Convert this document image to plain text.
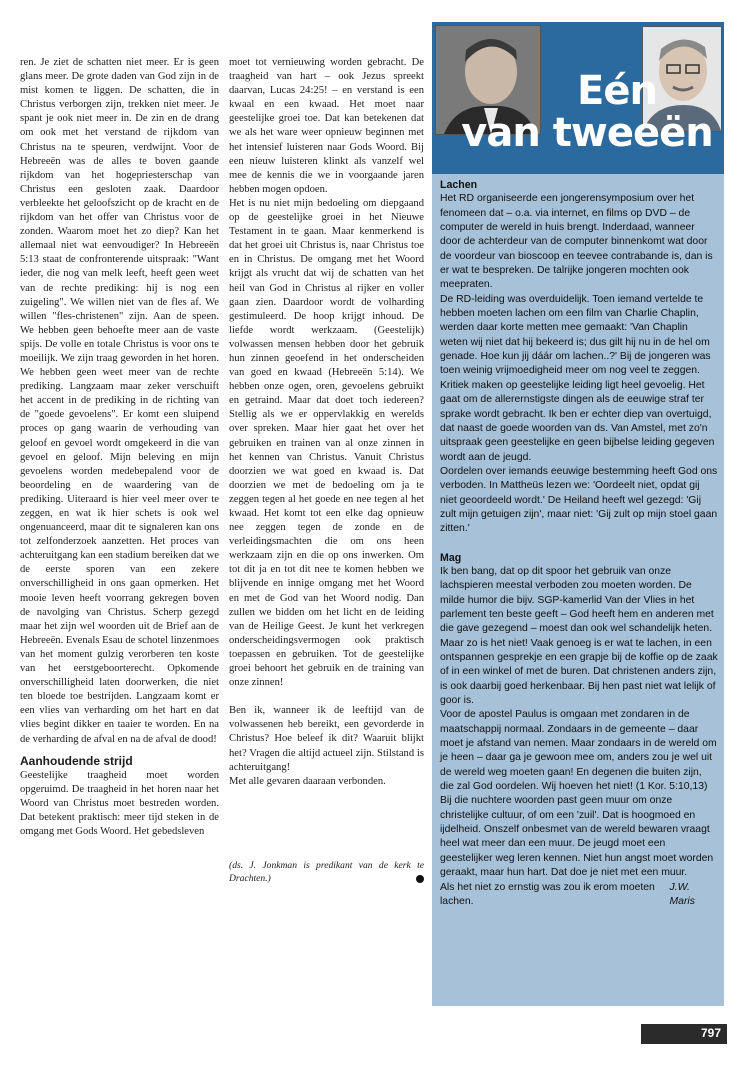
ren. Je ziet de schatten niet meer. Er is geen glans meer. De grote daden van God zijn in de mist komen te liggen. De schatten, die in Christus verborgen zijn, trekken niet meer. Je spant je ook niet meer in. De zin en de drang om ook met het verstand de rijkdom van Christus na te speuren, verdwijnt. Voor de Hebreeën was de alles te boven gaande rijkdom van het hogepriesterschap van Christus een gesloten zaak. Daardoor verbleekte het geloofszicht op de kracht en de rijkdom van het offer van Christus voor de zonden. Waarom moet het zo diep? Kan het allemaal niet wat eenvoudiger? In Hebreeën 5:13 staat de confronterende uitspraak: "Want ieder, die nog van melk leeft, heeft geen weet van de rechte prediking: hij is nog een zuigeling". We willen niet van de fles af. We willen "fles-christenen" zijn. Aan de speen. We hebben geen behoefte meer aan de vaste spijs. De volle en totale Christus is voor ons te moeilijk. We zijn traag geworden in het horen. We hebben geen weet meer van de rechte prediking. Langzaam maar zeker verschuift het accent in de prediking in de richting van de "goede gevoelens". Er komt een sluipend proces op gang waarin de verhouding van geloof en gevoel wordt omgekeerd in die van gevoel en geloof. Mijn beleving en mijn gevoelens worden medebepalend voor de beoordeling en de waardering van de prediking. Uiteraard is hier veel meer over te zeggen, en wat ik hier schets is ook wel ongenuanceerd, maar dit te signaleren kan ons tot zelfonderzoek aanzetten. Het proces van achteruitgang kan een stadium bereiken dat we de eerste sporen van een zekere onverschilligheid in ons gaan opmerken. Het mooie leven heeft voorrang gekregen boven de navolging van Christus. Scherp gezegd maar het zijn wel woorden uit de Brief aan de Hebreeën. Evenals Esau de schotel linzenmoes van het moment gulzig verorberen ten koste van het eerstgeboorterecht. Opkomende onverschilligheid laten doorwerken, die niet ten bloede toe bestrijden. Langzaam komt er een vlies van verharding om het hart en dat vlies begint dikker en taaier te worden. En na de verharding de afval en na de afval de dood!

Aanhoudende strijd

Geestelijke traagheid moet worden opgeruimd. De traagheid in het horen naar het Woord van Christus moet bestreden worden. Dat betekent praktisch: meer tijd steken in de omgang met Gods Woord. Het gebedsleven

moet tot vernieuwing worden gebracht. De traagheid van hart – ook Jezus spreekt daarvan, Lucas 24:25! – en verstand is een kwaal en een kwaad. Het moet naar geestelijke groei toe. Dat kan betekenen dat we als het ware weer opnieuw beginnen met het intensief luisteren naar Gods Woord. Bij een nieuw luisteren klinkt als vanzelf wel mee de kennis die we in voorgaande jaren hebben mogen opdoen.

Het is nu niet mijn bedoeling om diepgaand op de geestelijke groei in het Nieuwe Testament in te gaan. Maar kenmerkend is dat het groei uit Christus is, naar Christus toe en in Christus. De omgang met het Woord krijgt als vrucht dat wij de schatten van het heil van God in Christus al rijker en voller gaan zien. Daardoor wordt de volharding gestimuleerd. De hoop krijgt inhoud. De liefde wordt werkzaam. (Geestelijk) volwassen mensen hebben door het gebruik hun zinnen geoefend in het onderscheiden van goed en kwaad (Hebreeën 5:14). We hebben onze ogen, oren, gevoelens gebruikt en getraind. Maar dat doet toch iedereen? Stellig als we er oppervlakkig en werelds over spreken. Maar hier gaat het over het gebruiken en trainen van al onze zinnen in het kennen van Christus. Vanuit Christus doorzien we wat goed en kwaad is. Dat doorzien we met de bedoeling om ja te zeggen tegen al het goede en nee tegen al het kwaad. Het komt tot een elke dag opnieuw nee zeggen tegen de zonde en de verleidingsmachten die om ons heen werkzaam zijn en die op ons inwerken. Om tot dit ja en tot dit nee te komen hebben we blijvende en innige omgang met het Woord en met de God van het Woord nodig. Dan zullen we bidden om het licht en de leiding van de Heilige Geest. Je kunt het verkregen onderscheidingsvermogen ook praktisch toepassen en gebruiken. Tot de geestelijke groei behoort het gebruik en de training van onze zinnen!

Ben ik, wanneer ik de leeftijd van de volwassenen heb bereikt, een gevorderde in Christus? Hoe beleef ik dit? Waaruit blijkt het? Vragen die altijd actueel zijn. Stilstand is achteruitgang!

Met alle gevaren daaraan verbonden.

(ds. J. Jonkman is predikant van de kerk te Drachten.)
Eén
van tweeën
Lachen

Het RD organiseerde een jongerensymposium over het fenomeen dat – o.a. via internet, en films op DVD – de computer de wereld in huis brengt. Inderdaad, wanneer door de achterdeur van de computer binnenkomt wat door de voordeur van bioscoop en teevee contrabande is, dan is er wat te bespreken. De talrijke jongeren mochten ook meepraten.

De RD-leiding was overduidelijk. Toen iemand vertelde te hebben moeten lachen om een film van Charlie Chaplin, werden daar korte metten mee gemaakt: 'Van Chaplin weten wij niet dat hij bekeerd is; dus gilt hij nu in de hel om genade. Hoe kun jij dáár om lachen..?' Bij de jongeren was toen weinig vrijmoedigheid meer om nog veel te zeggen.

Kritiek maken op geestelijke leiding ligt heel gevoelig. Het gaat om de allerernstigste dingen als de eeuwige straf ter sprake wordt gebracht. Ik ben er echter diep van overtuigd, dat naast de goede woorden van ds. Van Amstel, met zo'n uitspraak geen geestelijke en geen bijbelse leiding gegeven wordt aan de jeugd.

Oordelen over iemands eeuwige bestemming heeft God ons verboden. In Mattheüs lezen we: 'Oordeelt niet, opdat gij niet geoordeeld wordt.' De Heiland heeft wel gezegd: 'Gij zult mijn getuigen zijn', maar niet: 'Gij zult op mijn stoel gaan zitten.'

Mag

Ik ben bang, dat op dit spoor het gebruik van onze lachspieren meestal verboden zou moeten worden. De milde humor die bijv. SGP-kamerlid Van der Vlies in het parlement ten beste geeft – God heeft hem en anderen met die gave gezegend – moest dan ook wel schandelijk heten. Maar zo is het niet! Vaak genoeg is er wat te lachen, in een ontspannen gesprekje en een grapje bij de koffie op de zaak of in een winkel of met de buren. Dat christenen anders zijn, is ook daarbij goed herkenbaar. Bij hen past niet wat lelijk of goor is.

Voor de apostel Paulus is omgaan met zondaren in de maatschappij normaal. Zondaars in de gemeente – daar moet je afstand van nemen. Maar zondaars in de wereld om je heen – daar ga je gewoon mee om, anders zou je wel uit de wereld weg moeten gaan! En degenen die buiten zijn, die zal God oordelen. Wij hoeven het niet! (1 Kor. 5:10,13)

Bij die nuchtere woorden past geen muur om onze christelijke cultuur, of om een 'zuil'. Dat is hoogmoed en ijdelheid. Onszelf onbesmet van de wereld bewaren vraagt heel wat meer dan een muur. De jeugd moet een geestelijker weg leren kennen. Niet hun angst moet worden geraakt, maar hun hart. Dat doe je niet met een muur.

Als het niet zo ernstig was zou ik erom moeten lachen.
J.W. Maris

797
